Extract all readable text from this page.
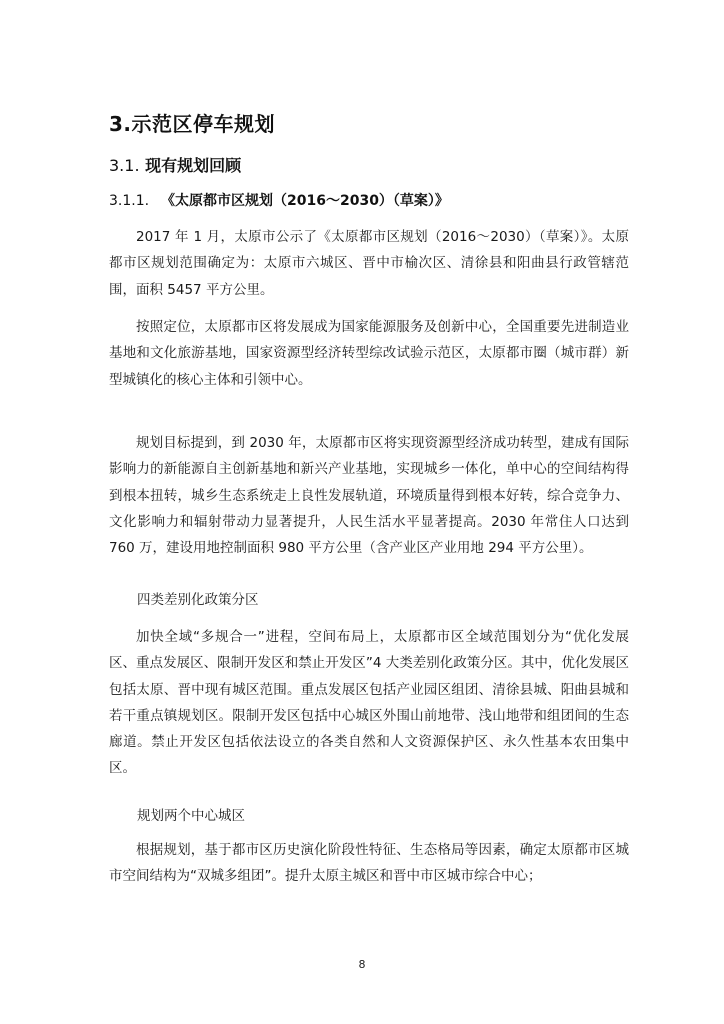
3.示范区停车规划
3.1. 现有规划回顾
3.1.1. 《太原都市区规划（2016～2030）（草案）》

2017 年 1 月，太原市公示了《太原都市区规划（2016～2030）（草案）》。太原都市区规划范围确定为：太原市六城区、晋中市榆次区、清徐县和阳曲县行政管辖范围，面积 5457 平方公里。

按照定位，太原都市区将发展成为国家能源服务及创新中心，全国重要先进制造业基地和文化旅游基地，国家资源型经济转型综改试验示范区，太原都市圈（城市群）新型城镇化的核心主体和引领中心。

规划目标提到，到 2030 年，太原都市区将实现资源型经济成功转型，建成有国际影响力的新能源自主创新基地和新兴产业基地，实现城乡一体化，单中心的空间结构得到根本扭转，城乡生态系统走上良性发展轨道，环境质量得到根本好转，综合竞争力、文化影响力和辐射带动力显著提升，人民生活水平显著提高。2030 年常住人口达到 760 万，建设用地控制面积 980 平方公里（含产业区产业用地 294 平方公里）。

四类差别化政策分区

加快全域“多规合一”进程，空间布局上，太原都市区全域范围划分为“优化发展区、重点发展区、限制开发区和禁止开发区”4 大类差别化政策分区。其中，优化发展区包括太原、晋中现有城区范围。重点发展区包括产业园区组团、清徐县城、阳曲县城和若干重点镇规划区。限制开发区包括中心城区外围山前地带、浅山地带和组团间的生态廊道。禁止开发区包括依法设立的各类自然和人文资源保护区、永久性基本农田集中区。

规划两个中心城区

根据规划，基于都市区历史演化阶段性特征、生态格局等因素，确定太原都市区城市空间结构为“双城多组团”。提升太原主城区和晋中市区城市综合中心；

8
